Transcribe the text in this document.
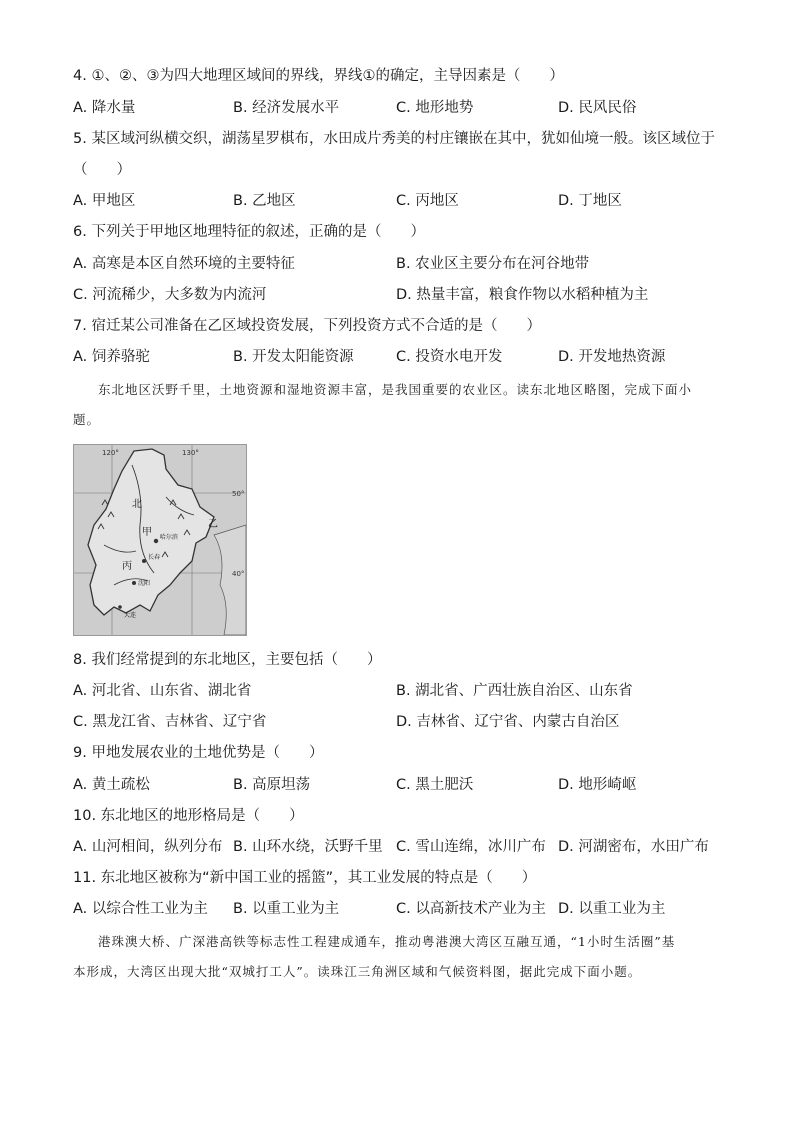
4. ①、②、③为四大地理区域间的界线，界线①的确定，主导因素是（　　）
A. 降水量	B. 经济发展水平	C. 地形地势	D. 民风民俗
5. 某区域河纵横交织，湖荡星罗棋布，水田成片秀美的村庄镶嵌在其中，犹如仙境一般。该区域位于
（　　）
A. 甲地区	B. 乙地区	C. 丙地区	D. 丁地区
6. 下列关于甲地区地理特征的叙述，正确的是（　　）
A. 高寒是本区自然环境的主要特征	B. 农业区主要分布在河谷地带
C. 河流稀少，大多数为内流河	D. 热量丰富，粮食作物以水稻种植为主
7. 宿迁某公司准备在乙区域投资发展，下列投资方式不合适的是（　　）
A. 饲养骆驼	B. 开发太阳能资源	C. 投资水电开发	D. 开发地热资源
东北地区沃野千里，土地资源和湿地资源丰富，是我国重要的农业区。读东北地区略图，完成下面小
题。
120°	130°
50°
40°
甲
乙
丙
北
哈尔滨
长春
沈阳
大连
8. 我们经常提到的东北地区，主要包括（　　）
A. 河北省、山东省、湖北省	B. 湖北省、广西壮族自治区、山东省
C. 黑龙江省、吉林省、辽宁省	D. 吉林省、辽宁省、内蒙古自治区
9. 甲地发展农业的土地优势是（　　）
A. 黄土疏松	B. 高原坦荡	C. 黑土肥沃	D. 地形崎岖
10. 东北地区的地形格局是（　　）
A. 山河相间，纵列分布 B. 山环水绕，沃野千里 C. 雪山连绵，冰川广布 D. 河湖密布，水田广布
11. 东北地区被称为“新中国工业的摇篮”，其工业发展的特点是（　　）
A. 以综合性工业为主 B. 以重工业为主	C. 以高新技术产业为主 D. 以重工业为主
港珠澳大桥、广深港高铁等标志性工程建成通车，推动粤港澳大湾区互融互通，“1小时生活圈”基
本形成，大湾区出现大批“双城打工人”。读珠江三角洲区域和气候资料图，据此完成下面小题。
